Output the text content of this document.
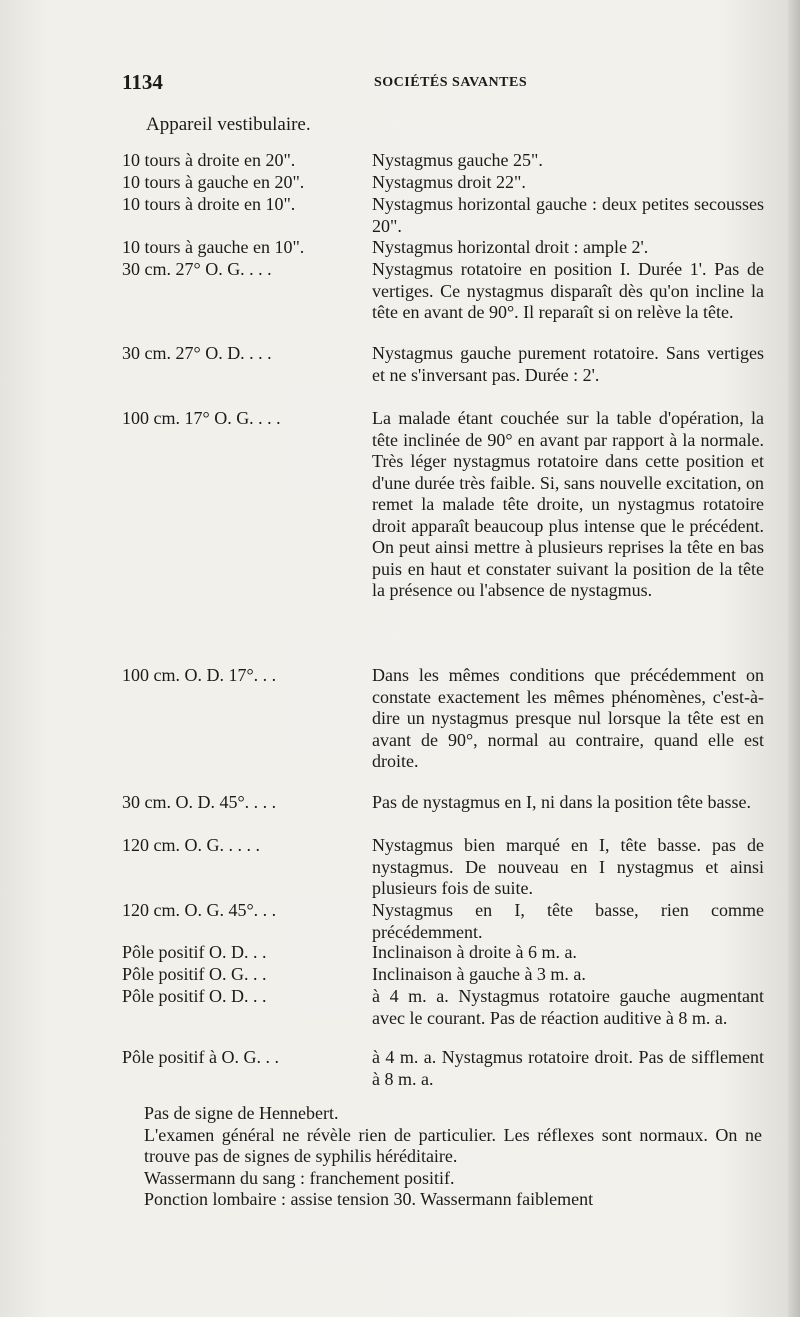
1134	SOCIÉTÉS SAVANTES
Appareil vestibulaire.
10 tours à droite en 20".	Nystagmus gauche 25".
10 tours à gauche en 20".	Nystagmus droit 22".
10 tours à droite en 10".	Nystagmus horizontal gauche : deux petites secousses 20".
10 tours à gauche en 10".	Nystagmus horizontal droit : ample 2'.
30 cm. 27° O. G. . . .	Nystagmus rotatoire en position I. Durée 1'. Pas de vertiges. Ce nystagmus disparaît dès qu'on incline la tête en avant de 90°. Il reparaît si on relève la tête.
30 cm. 27° O. D. . . .	Nystagmus gauche purement rotatoire. Sans vertiges et ne s'inversant pas. Durée : 2'.
100 cm. 17° O. G. . . .	La malade étant couchée sur la table d'opération, la tête inclinée de 90° en avant par rapport à la normale. Très léger nystagmus rotatoire dans cette position et d'une durée très faible. Si, sans nouvelle excitation, on remet la malade tête droite, un nystagmus rotatoire droit apparaît beaucoup plus intense que le précédent. On peut ainsi mettre à plusieurs reprises la tête en bas puis en haut et constater suivant la position de la tête la présence ou l'absence de nystagmus.
100 cm. O. D. 17°. . .	Dans les mêmes conditions que précédemment on constate exactement les mêmes phénomènes, c'est-à-dire un nystagmus presque nul lorsque la tête est en avant de 90°, normal au contraire, quand elle est droite.
30 cm. O. D. 45°. . . .	Pas de nystagmus en I, ni dans la position tête basse.
120 cm. O. G. . . . .	Nystagmus bien marqué en I, tête basse. pas de nystagmus. De nouveau en I nystagmus et ainsi plusieurs fois de suite.
120 cm. O. G. 45°. . .	Nystagmus en I, tête basse, rien comme précédemment.
Pôle positif O. D. . .	Inclinaison à droite à 6 m. a.
Pôle positif O. G. . .	Inclinaison à gauche à 3 m. a.
Pôle positif O. D. . .	à 4 m. a. Nystagmus rotatoire gauche augmentant avec le courant. Pas de réaction auditive à 8 m. a.
Pôle positif à O. G. . .	à 4 m. a. Nystagmus rotatoire droit. Pas de sifflement à 8 m. a.
Pas de signe de Hennebert.
L'examen général ne révèle rien de particulier. Les réflexes sont normaux. On ne trouve pas de signes de syphilis héréditaire.
Wassermann du sang : franchement positif.
Ponction lombaire : assise tension 30. Wassermann faiblement
